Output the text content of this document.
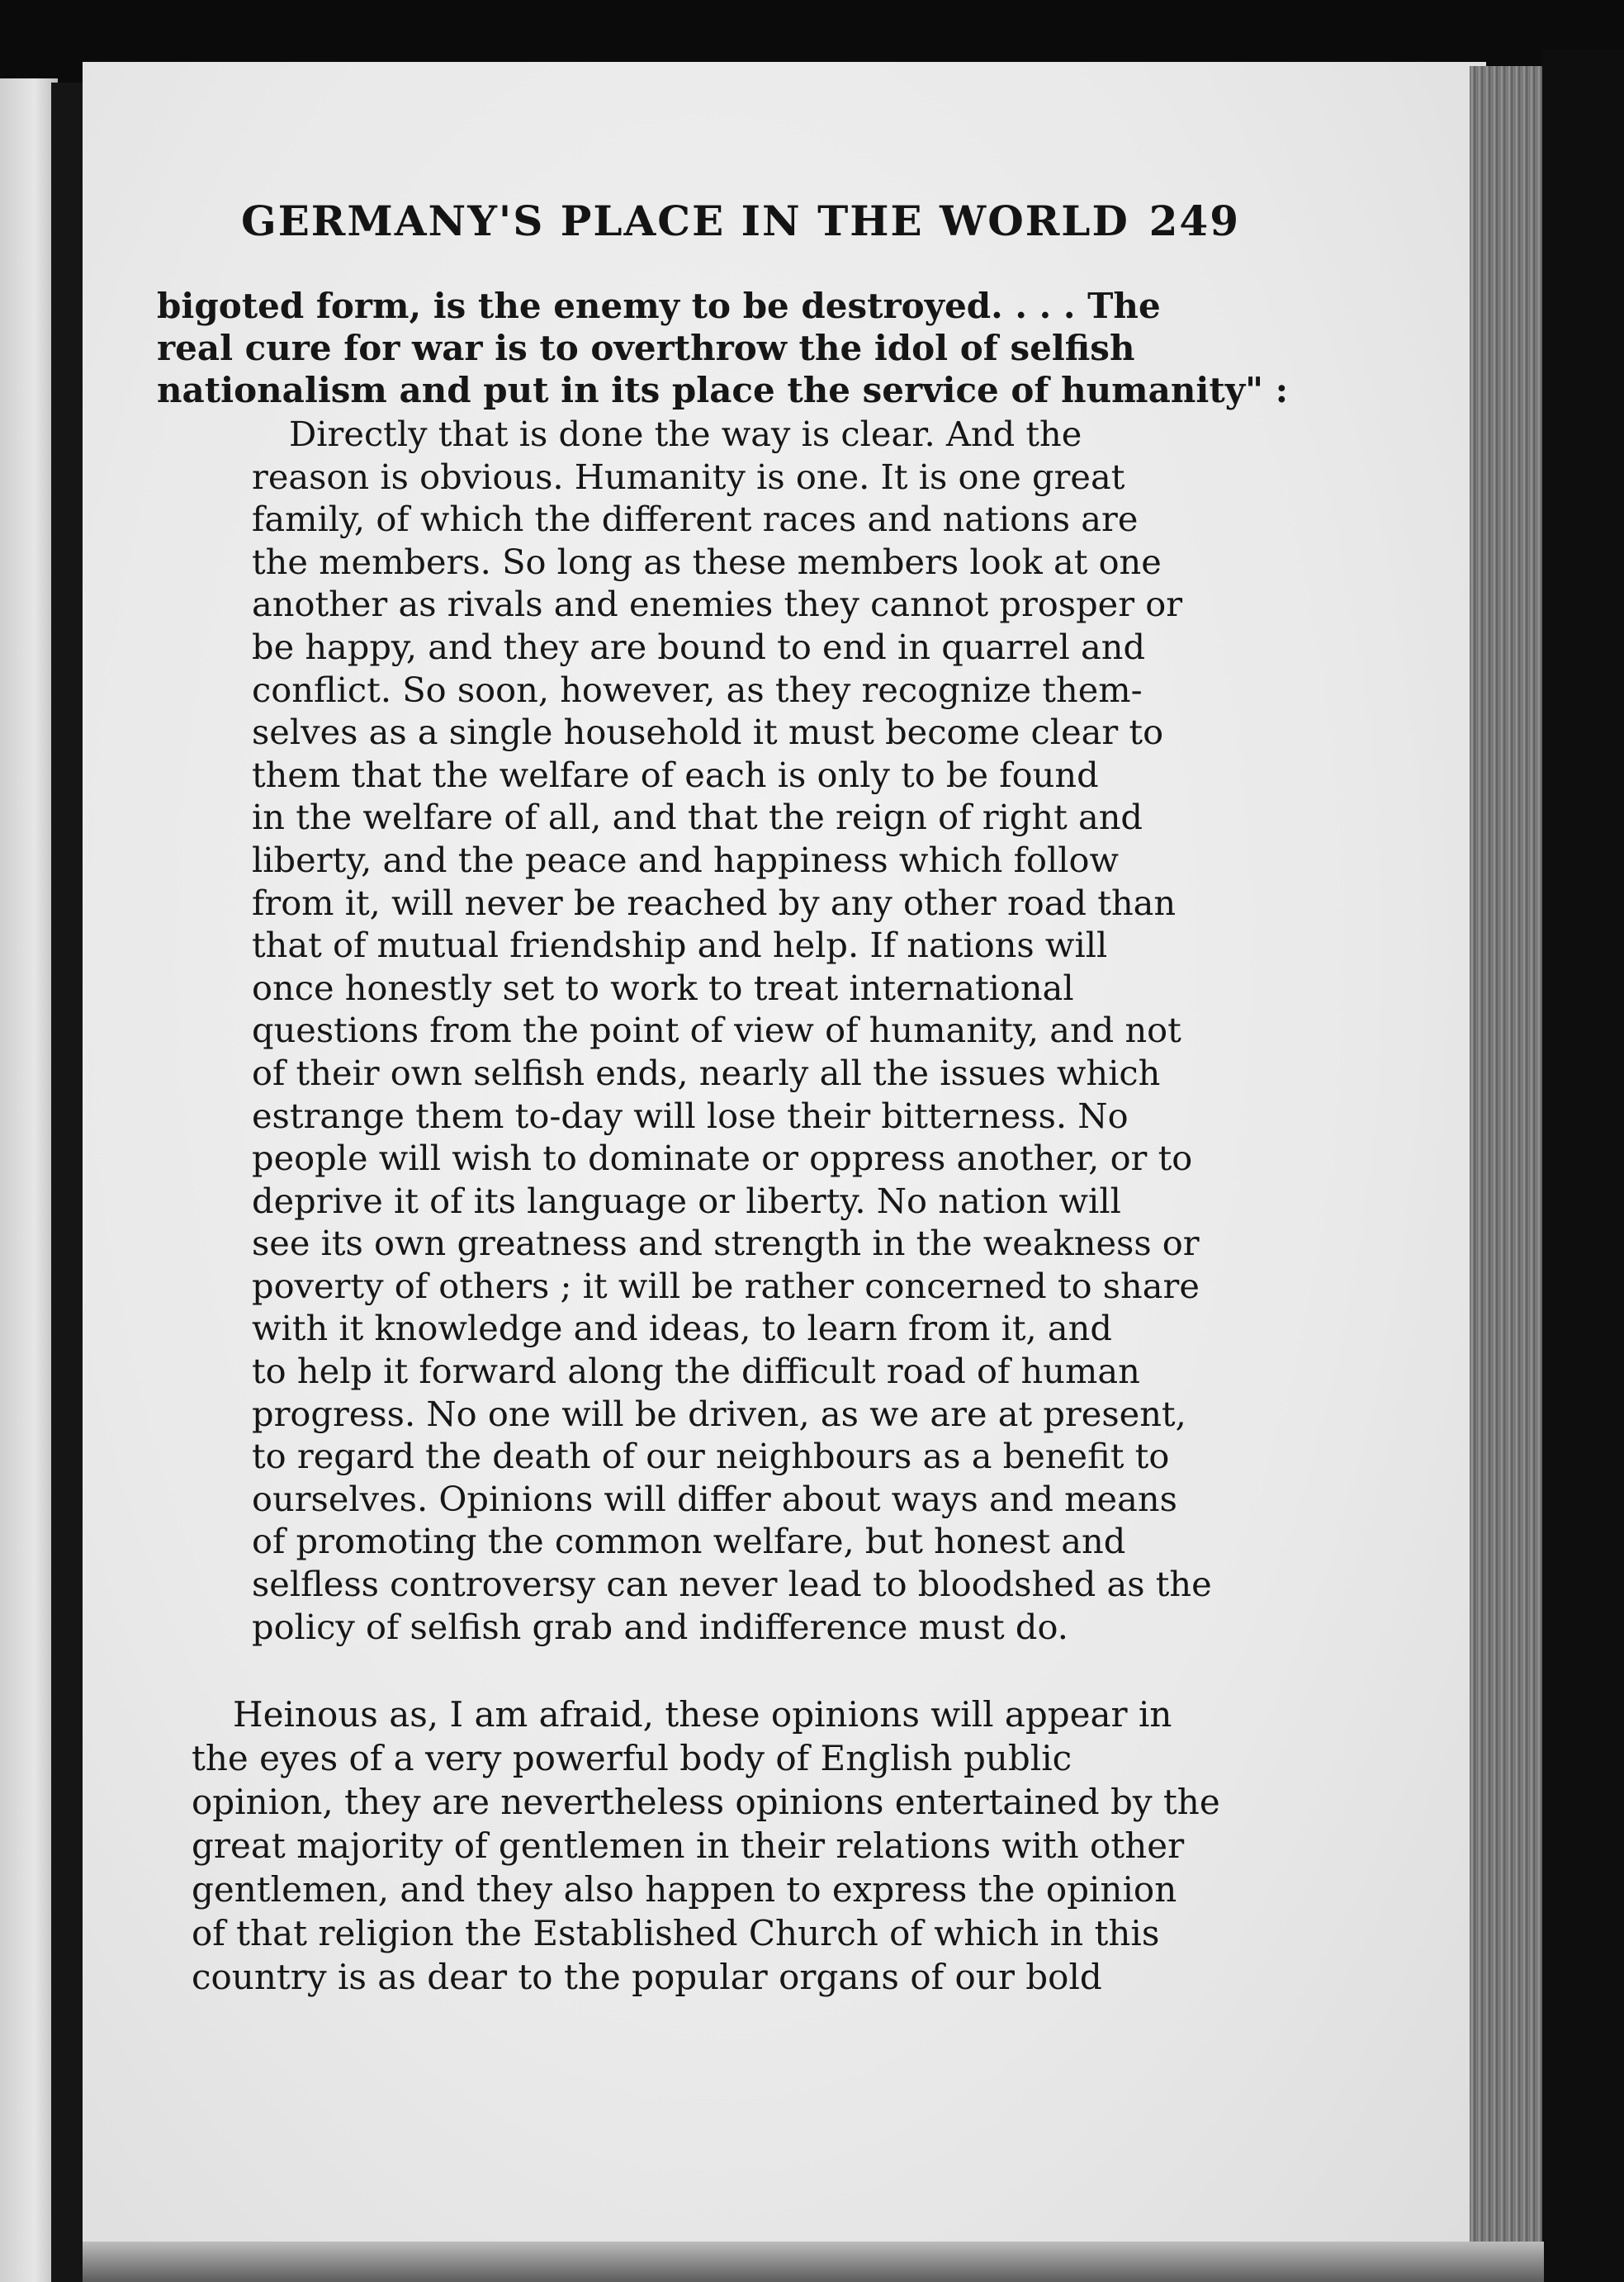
GERMANY'S PLACE IN THE WORLD 249
bigoted form, is the enemy to be destroyed. . . . The
real cure for war is to overthrow the idol of selfish
nationalism and put in its place the service of humanity" :
Directly that is done the way is clear. And the
reason is obvious. Humanity is one. It is one great
family, of which the different races and nations are
the members. So long as these members look at one
another as rivals and enemies they cannot prosper or
be happy, and they are bound to end in quarrel and
conflict. So soon, however, as they recognize them-
selves as a single household it must become clear to
them that the welfare of each is only to be found
in the welfare of all, and that the reign of right and
liberty, and the peace and happiness which follow
from it, will never be reached by any other road than
that of mutual friendship and help. If nations will
once honestly set to work to treat international
questions from the point of view of humanity, and not
of their own selfish ends, nearly all the issues which
estrange them to-day will lose their bitterness. No
people will wish to dominate or oppress another, or to
deprive it of its language or liberty. No nation will
see its own greatness and strength in the weakness or
poverty of others ; it will be rather concerned to share
with it knowledge and ideas, to learn from it, and
to help it forward along the difficult road of human
progress. No one will be driven, as we are at present,
to regard the death of our neighbours as a benefit to
ourselves. Opinions will differ about ways and means
of promoting the common welfare, but honest and
selfless controversy can never lead to bloodshed as the
policy of selfish grab and indifference must do.
Heinous as, I am afraid, these opinions will appear in
the eyes of a very powerful body of English public
opinion, they are nevertheless opinions entertained by the
great majority of gentlemen in their relations with other
gentlemen, and they also happen to express the opinion
of that religion the Established Church of which in this
country is as dear to the popular organs of our bold
